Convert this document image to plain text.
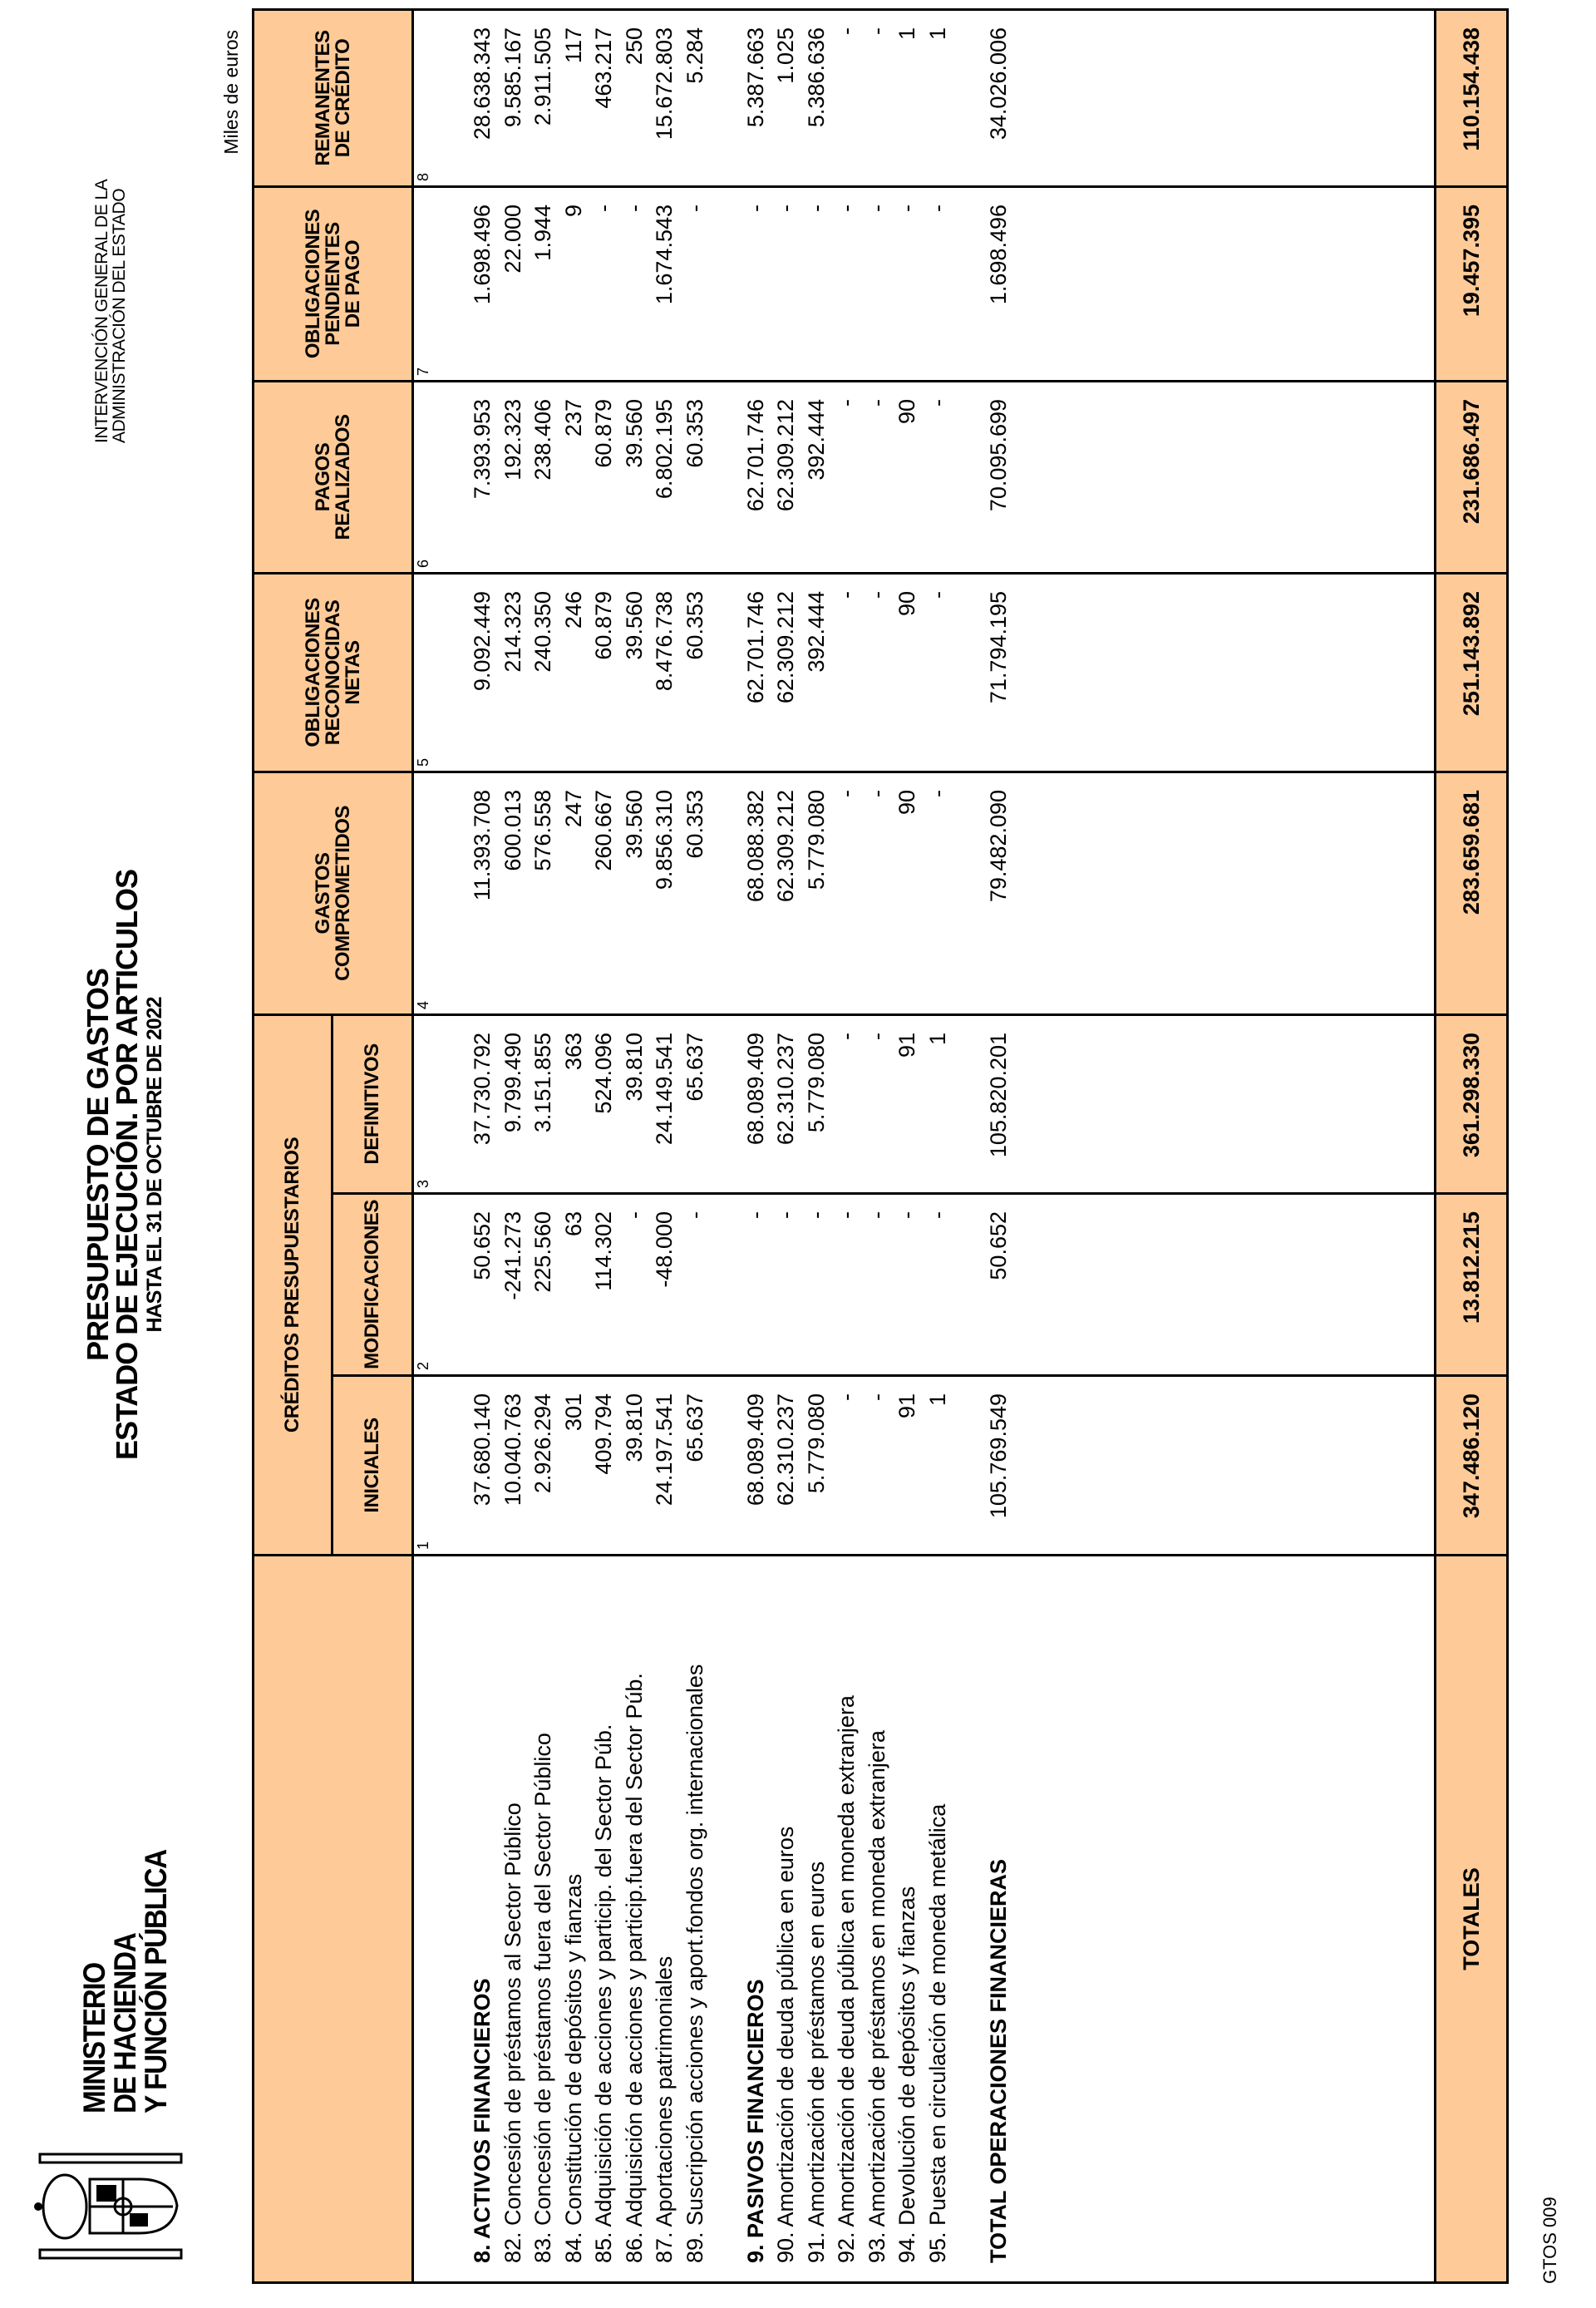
MINISTERIO
DE HACIENDA
Y FUNCIÓN PÚBLICA
PRESUPUESTO DE GASTOS
ESTADO DE EJECUCIÓN. POR ARTICULOS HASTA EL 31 DE OCTUBRE DE 2022
INTERVENCIÓN GENERAL DE LA
ADMINISTRACIÓN DEL ESTADO
Miles de euros
CRÉDITOS PRESUPUESTARIOS
INICIALES
MODIFICACIONES
DEFINITIVOS
GASTOS
COMPROMETIDOS
OBLIGACIONES
RECONOCIDAS
NETAS
PAGOS
REALIZADOS
OBLIGACIONES
PENDIENTES
DE PAGO
REMANENTES
DE CRÉDITO
8. ACTIVOS FINANCIEROS 82. Concesión de préstamos al Sector Público 83. Concesión de préstamos fuera del Sector Público 84. Constitución de depósitos y fianzas 85. Adquisición de acciones y particip. del Sector Púb. 86. Adquisición de acciones y particip.fuera del Sector Púb. 87. Aportaciones patrimoniales 89. Suscripción acciones y aport.fondos org. internacionales 9. PASIVOS FINANCIEROS 90. Amortización de deuda pública en euros 91. Amortización de préstamos en euros 92. Amortización de deuda pública en moneda extranjera 93. Amortización de préstamos en moneda extranjera 94. Devolución de depósitos y fianzas 95. Puesta en circulación de moneda metálica TOTAL OPERACIONES FINANCIERAS
1
37.680.140 10.040.763 2.926.294 301 409.794 39.810 24.197.541 65.637 68.089.409 62.310.237 5.779.080 - - 91 1 105.769.549
2
50.652 -241.273 225.560 63 114.302 - -48.000 - - - - - - - - 50.652
3
37.730.792 9.799.490 3.151.855 363 524.096 39.810 24.149.541 65.637 68.089.409 62.310.237 5.779.080 - - 91 1 105.820.201
4
11.393.708 600.013 576.558 247 260.667 39.560 9.856.310 60.353 68.088.382 62.309.212 5.779.080 - - 90 - 79.482.090
5
9.092.449 214.323 240.350 246 60.879 39.560 8.476.738 60.353 62.701.746 62.309.212 392.444 - - 90 - 71.794.195
6
7.393.953 192.323 238.406 237 60.879 39.560 6.802.195 60.353 62.701.746 62.309.212 392.444 - - 90 - 70.095.699
7
1.698.496 22.000 1.944 9 - - 1.674.543 - - - - - - - - 1.698.496
8
28.638.343 9.585.167 2.911.505 117 463.217 250 15.672.803 5.284 5.387.663 1.025 5.386.636 - - 1 1 34.026.006
TOTALES
347.486.120
13.812.215
361.298.330
283.659.681
251.143.892
231.686.497
19.457.395
110.154.438
GTOS 009
